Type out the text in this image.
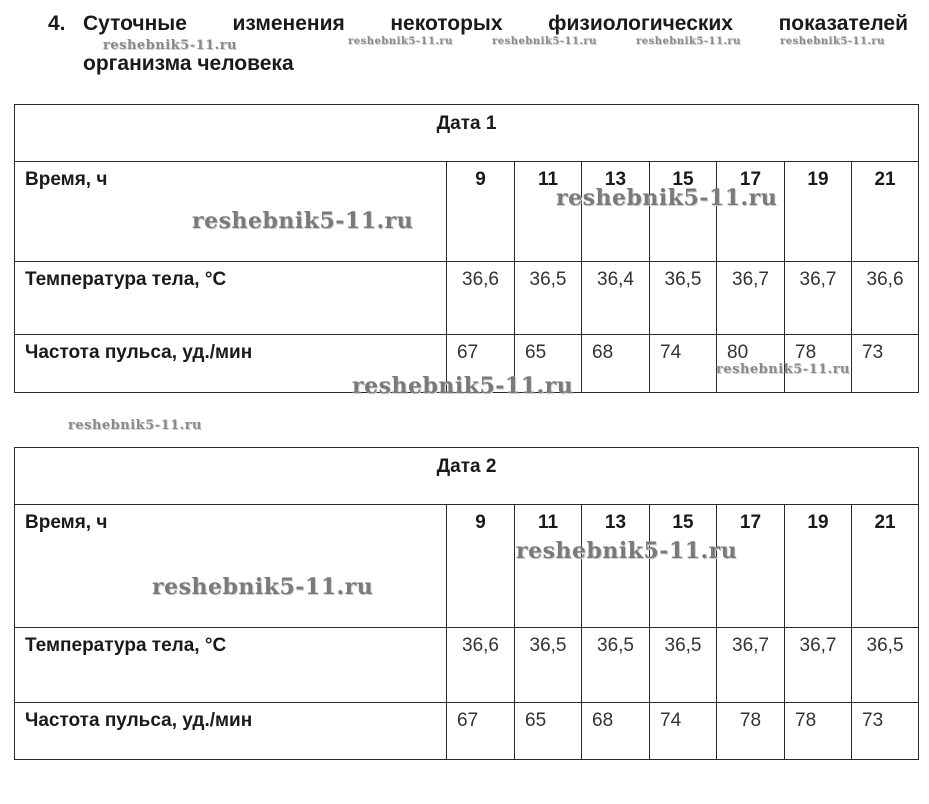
4. Суточные изменения некоторых физиологических показателей
организма человека
Дата 1							
Время, ч	9	11	13	15	17	19	21
Температура тела, °С	36,6	36,5	36,4	36,5	36,7	36,7	36,6
Частота пульса, уд./мин	67	65	68	74	80	78	73
Дата 2							
Время, ч	9	11	13	15	17	19	21
Температура тела, °С	36,6	36,5	36,5	36,5	36,7	36,7	36,5
Частота пульса, уд./мин	67	65	68	74	78	78	73
reshebnik5-11.ru	reshebnik5-11.ru	reshebnik5-11.ru	reshebnik5-11.ru	reshebnik5-11.ru
reshebnik5-11.ru
reshebnik5-11.ru
reshebnik5-11.ru
reshebnik5-11.ru
reshebnik5-11.ru
reshebnik5-11.ru
reshebnik5-11.ru
